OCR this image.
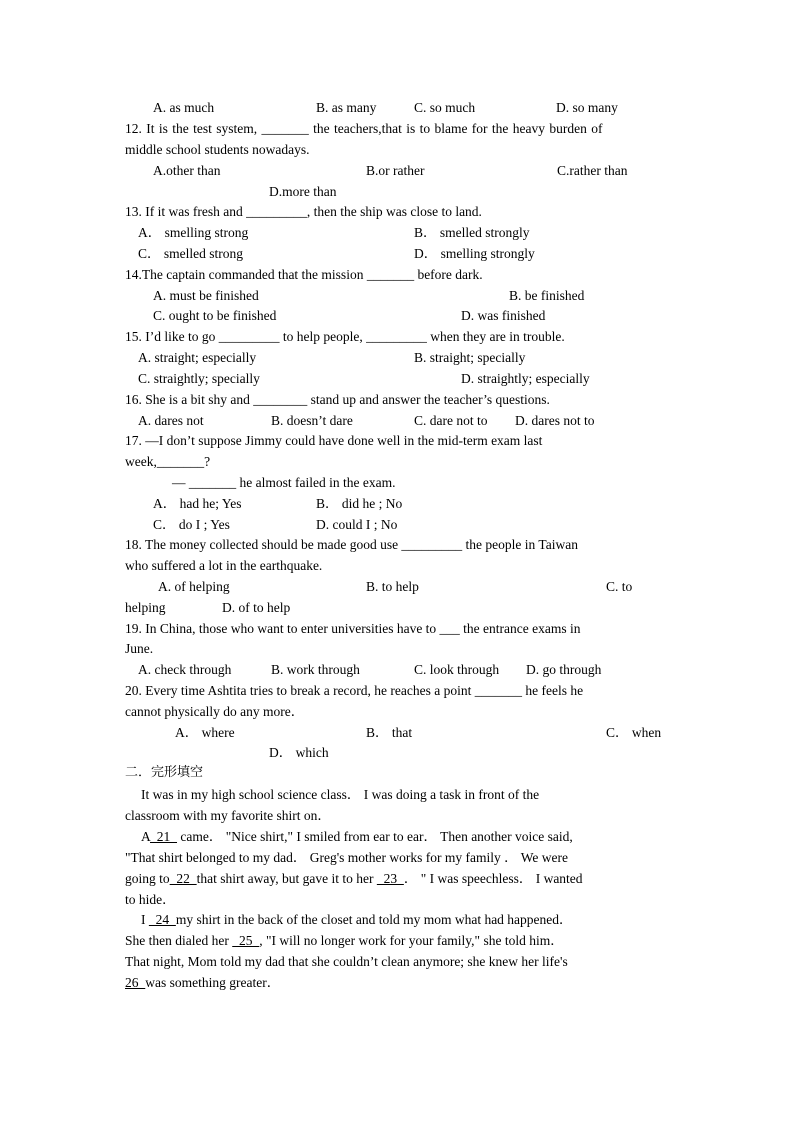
A. as much	B. as many	C. so much	D. so many
12. It is the test system, _______ the teachers,that is to blame for the heavy burden of
middle school students nowadays.
A.other than	B.or rather	C.rather than
D.more than
13. If it was fresh and _________, then the ship was close to land.
A． smelling strong	B． smelled strongly
C． smelled strong	D． smelling strongly
14.The captain commanded that the mission _______ before dark.
A. must be finished	B. be finished
C. ought to be finished	D. was finished
15. I’d like to go _________ to help people, _________ when they are in trouble.
A. straight; especially	B. straight; specially
C. straightly; specially	D. straightly; especially
16. She is a bit shy and ________ stand up and answer the teacher’s questions.
A. dares not	B. doesn’t dare	C. dare not to D. dares not to
17. —I don’t suppose Jimmy could have done well in the mid-term exam last
week,_______?
— _______ he almost failed in the exam.
A． had he; Yes	B． did he ; No
C． do I ; Yes	D. could I ; No
18. The money collected should be made good use _________ the people in Taiwan
who suffered a lot in the earthquake.
A. of helping	B. to help	C. to
helping	D. of to help
19. In China, those who want to enter universities have to ___ the entrance exams in
June.
A. check through	B. work through	C. look through D. go through
20. Every time Ashtita tries to break a record, he reaches a point _______ he feels he
cannot physically do any more．
A． where	B． that	C． when
D． which
二．完形填空
It was in my high school science class． I was doing a task in front of the
classroom with my favorite shirt on．
A  21   came． "Nice shirt," I smiled from ear to ear． Then another voice said,
"That shirt belonged to my dad． Greg's mother works for my family ． We were
going to  22  that shirt away, but gave it to her   23  ． " I was speechless． I wanted
to hide．
I   24  my shirt in the back of the closet and told my mom what had happened．
She then dialed her   25  , "I will no longer work for your family," she told him．
That night, Mom told my dad that she couldn’t clean anymore; she knew her life's
26  was something greater．
